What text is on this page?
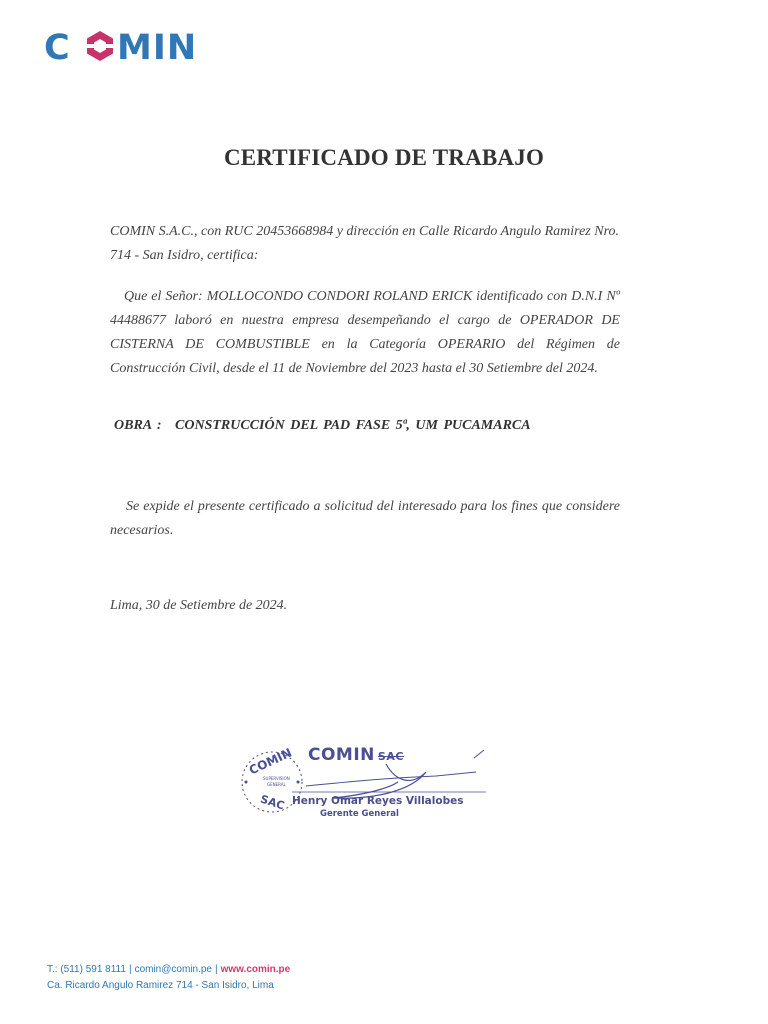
C MIN
CERTIFICADO DE TRABAJO
COMIN S.A.C., con RUC 20453668984 y dirección en Calle Ricardo Angulo Ramirez Nro. 714 - San Isidro, certifica:
Que el Señor: MOLLOCONDO CONDORI ROLAND ERICK identificado con D.N.I Nº 44488677 laboró en nuestra empresa desempeñando el cargo de OPERADOR DE CISTERNA DE COMBUSTIBLE en la Categoría OPERARIO del Régimen de Construcción Civil, desde el 11 de Noviembre del 2023 hasta el 30 Setiembre del 2024.
OBRA : CONSTRUCCIÓN DEL PAD FASE 5ª, UM PUCAMARCA
Se expide el presente certificado a solicitud del interesado para los fines que considere necesarios.
Lima, 30 de Setiembre de 2024.
COMIN
SAC
SUPERVISION
GENERAL
COMIN SAC
Henry Omar Reyes Villalobes
Gerente General
T.: (511) 591 8111 | comin@comin.pe | www.comin.pe
Ca. Ricardo Angulo Ramirez 714 - San Isidro, Lima
